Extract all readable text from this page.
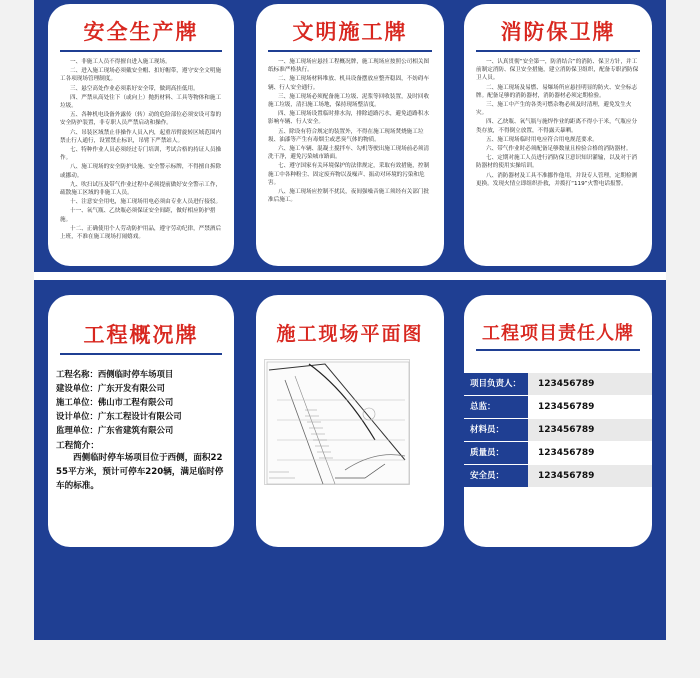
安全生产牌
一、非施工人员不得擅自进入施工现场。
二、进入施工现场必须戴安全帽、扣好帽带，遵守安全文明施工各项现场管理制度。
三、悬空高处作业必须系好安全带，做到高挂低用。
四、严禁从高处往下（或向上）抛扔材料、工具等物体和施工垃圾。
五、各种机电设备外露传（转）动的危险部位必须安设可靠的安全防护装置，非专职人员严禁启动和操作。
六、吊装区域禁止非操作人员入内，起重吊臂旋转区域范围内禁止行人通行，设置禁止标识，吊臂下严禁站人。
七、特种作业人员必须经过专门培训，考试合格的持证人员操作。
八、施工现场的安全防护设施、安全警示标牌，不得擅自拆除或挪动。
九、吹扫试压及带气作业过程中必须提前做好安全警示工作，疏散施工区域的非施工人员。
十、注意安全用电，施工现场用电必须由专业人员进行接驳。
十一、氧气瓶、乙炔瓶必须保证安全间距，做好相应防护措施。
十二、正确使用个人劳动防护用品，遵守劳动纪律，严禁酒后上班，不准在施工现场打闹嬉戏。
文明施工牌
一、施工现场应悬挂工程概况牌，施工现场应按照公司相关图纸标准严格执行。
二、施工现场材料堆放、机具设备摆放应整齐稳固，不妨碍车辆、行人安全通行。
三、施工现场必须配备施工垃圾、泥浆等回收装置，及时回收施工垃圾，清扫施工场地，保持现场整洁度。
四、施工现场设置临时排水沟，排除道路污水，避免道路积水影响车辆、行人安全。
五、除设有符合规定的装置外，不得在施工现场焚烧施工垃圾、油漆等产生有毒烟尘或恶臭气体的物质。
六、施工车辆、混凝土搅拌车、勾机等驶出施工现场前必须清洗干净，避免污染城市路面。
七、遵守国家有关环境保护的法律规定，采取有效措施，控制施工中各种粉尘、固定废弃物以及噪声、振动对环境的污染和危害。
八、施工现场应控制不扰民，夜间强噪音施工须经有关部门批准后施工。
消防保卫牌
一、认真贯彻“安全第一，防消结合”的消防、保卫方针，并工前制定消防、保卫安全措施，建立消防保卫组织，配备专职消防保卫人员。
二、施工现场及易燃、易爆场所应悬挂明显的防火、安全标志牌。配备足够的消防器材，消防器材必须定期检验。
三、施工中产生的各类可燃杂物必须及时清理，避免发生火灾。
四、乙炔瓶、氧气瓶与施焊作业的距离不得小于米，气瓶应分类存放，不得倒立放置，不得露天暴晒。
五、施工现场临时用电应符合用电规范要求。
六、带气作业时必须配备足够数量且检验合格的消防器材。
七、定期对施工人员进行消防保卫意识知识灌输，以及对于消防器材的使用实操培训。
八、消防器材及工具不准挪作他用，并设专人管理，定期检测更换。发现火情立即组织扑救，并拨打“119”火警电话报警。
工程概况牌
工程名称：西侧临时停车场项目
建设单位：广东开发有限公司
施工单位：佛山市工程有限公司
设计单位：广东工程设计有限公司
监理单位：广东省建筑有限公司
工程简介：
西侧临时停车场项目位于西侧，面积2255平方米，预计可停车220辆，满足临时停车的标准。
施工现场平面图	工程项目责任人牌
项目负责人：	123456789
总监：	123456789
材料员：	123456789
质量员：	123456789
安全员：	123456789
